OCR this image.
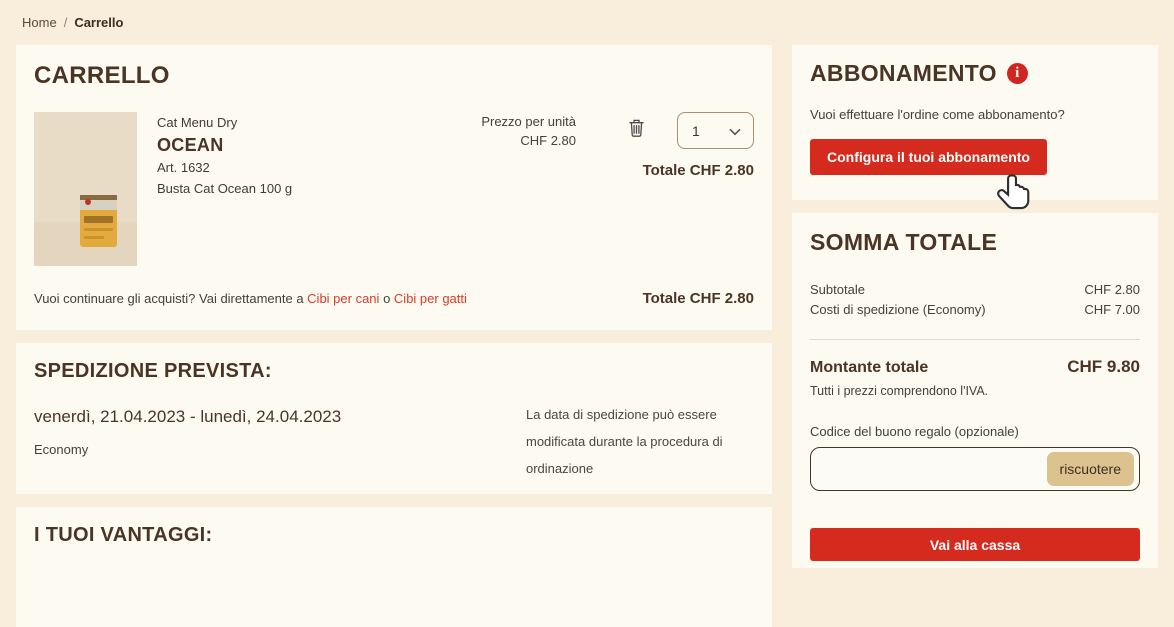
Home / Carrello
CARRELLO
Cat Menu Dry
OCEAN
Art. 1632
Busta Cat Ocean 100 g
Prezzo per unità
CHF 2.80
1
Totale CHF 2.80
Vuoi continuare gli acquisti? Vai direttamente a Cibi per cani o Cibi per gatti	Totale CHF 2.80
SPEDIZIONE PREVISTA:
venerdì, 21.04.2023 - lunedì, 24.04.2023
Economy
La data di spedizione può essere
modificata durante la procedura di
ordinazione
I TUOI VANTAGGI:
ABBONAMENTO	i

Vuoi effettuare l'ordine come abbonamento?

Configura il tuoi abbonamento
SOMMA TOTALE
Subtotale	CHF 2.80
Costi di spedizione (Economy)	CHF 7.00
Montante totale	CHF 9.80
Tutti i prezzi comprendono l'IVA.
Codice del buono regalo (opzionale)
riscuotere
Vai alla cassa
